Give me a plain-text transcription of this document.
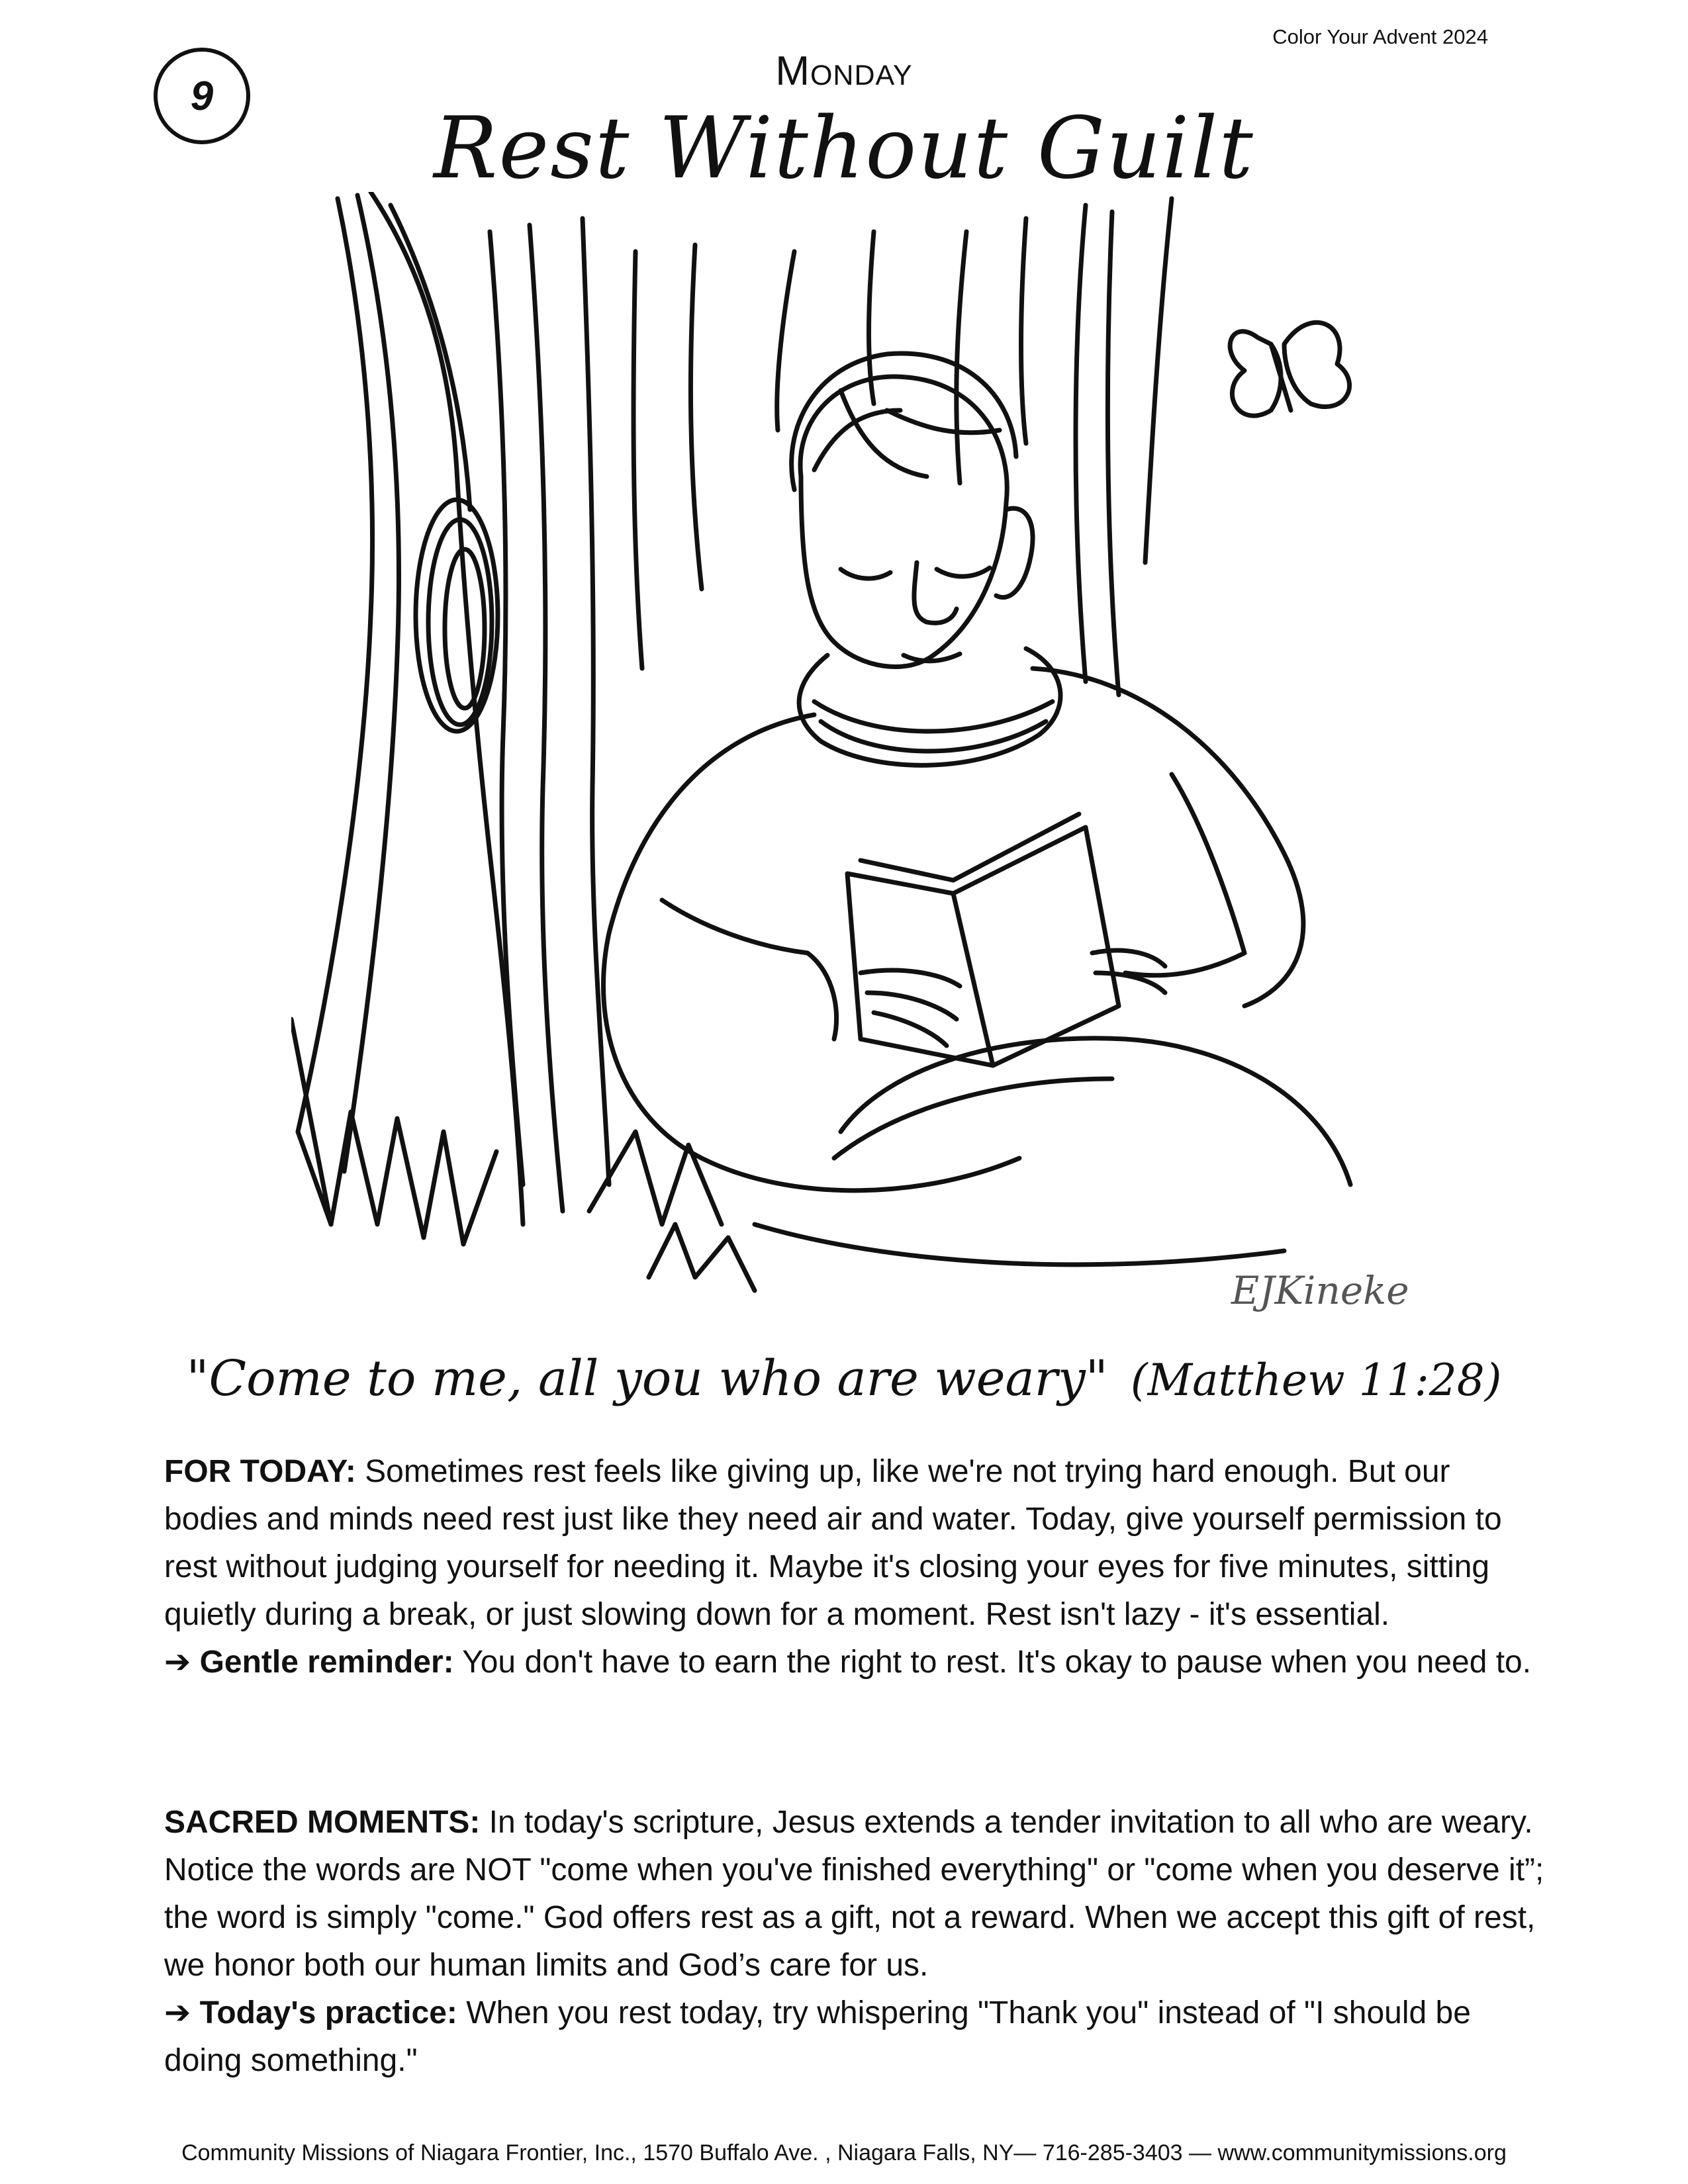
Color Your Advent 2024
9
Monday
Rest Without Guilt
EJKineke
"Come to me, all you who are weary" (Matthew 11:28)

FOR TODAY: Sometimes rest feels like giving up, like we're not trying hard enough. But our bodies and minds need rest just like they need air and water. Today, give yourself permission to rest without judging yourself for needing it. Maybe it's closing your eyes for five minutes, sitting quietly during a break, or just slowing down for a moment. Rest isn't lazy - it's essential.

➔ Gentle reminder: You don't have to earn the right to rest. It's okay to pause when you need to.

SACRED MOMENTS: In today's scripture, Jesus extends a tender invitation to all who are weary. Notice the words are NOT "come when you've finished everything" or "come when you deserve it”; the word is simply "come." God offers rest as a gift, not a reward. When we accept this gift of rest, we honor both our human limits and God’s care for us.

➔ Today's practice: When you rest today, try whispering "Thank you" instead of "I should be doing something."

Community Missions of Niagara Frontier, Inc., 1570 Buffalo Ave. , Niagara Falls, NY— 716-285-3403 — www.communitymissions.org
